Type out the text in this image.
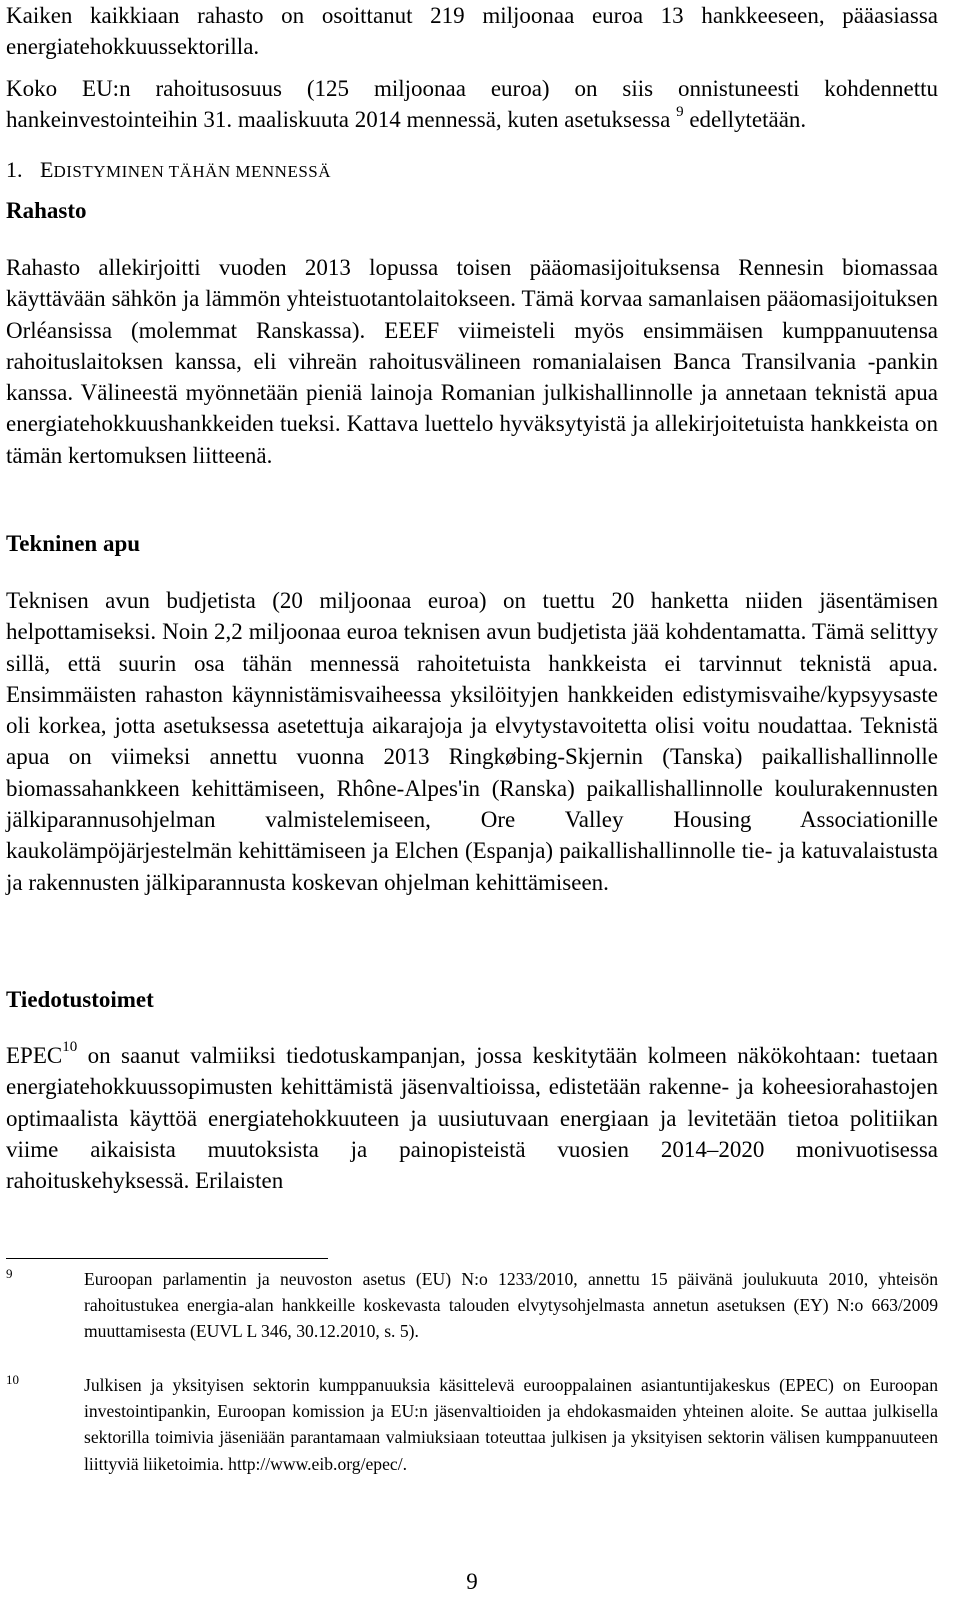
Kaiken kaikkiaan rahasto on osoittanut 219 miljoonaa euroa 13 hankkeeseen, pääasiassa energiatehokkuussektorilla.

Koko EU:n rahoitusosuus (125 miljoonaa euroa) on siis onnistuneesti kohdennettu hankeinvestointeihin 31. maaliskuuta 2014 mennessä, kuten asetuksessa $^9$ edellytetään.

1. EDISTYMINEN TÄHÄN MENNESSÄ
Rahasto

Rahasto allekirjoitti vuoden 2013 lopussa toisen pääomasijoituksensa Rennesin biomassaa käyttävään sähkön ja lämmön yhteistuotantolaitokseen. Tämä korvaa samanlaisen pääomasijoituksen Orléansissa (molemmat Ranskassa). EEEF viimeisteli myös ensimmäisen kumppanuutensa rahoituslaitoksen kanssa, eli vihreän rahoitusvälineen romanialaisen Banca Transilvania -pankin kanssa. Välineestä myönnetään pieniä lainoja Romanian julkishallinnolle ja annetaan teknistä apua energiatehokkuushankkeiden tueksi. Kattava luettelo hyväksytyistä ja allekirjoitetuista hankkeista on tämän kertomuksen liitteenä.

Tekninen apu

Teknisen avun budjetista (20 miljoonaa euroa) on tuettu 20 hanketta niiden jäsentämisen helpottamiseksi. Noin 2,2 miljoonaa euroa teknisen avun budjetista jää kohdentamatta. Tämä selittyy sillä, että suurin osa tähän mennessä rahoitetuista hankkeista ei tarvinnut teknistä apua. Ensimmäisten rahaston käynnistämisvaiheessa yksilöityjen hankkeiden edistymisvaihe/kypsyysaste oli korkea, jotta asetuksessa asetettuja aikarajoja ja elvytystavoitetta olisi voitu noudattaa. Teknistä apua on viimeksi annettu vuonna 2013 Ringkøbing-Skjernin (Tanska) paikallishallinnolle biomassahankkeen kehittämiseen, Rhône-Alpes'in (Ranska) paikallishallinnolle koulurakennusten jälkiparannusohjelman valmistelemiseen, Ore Valley Housing Associationille kaukolämpöjärjestelmän kehittämiseen ja Elchen (Espanja) paikallishallinnolle tie- ja katuvalaistusta ja rakennusten jälkiparannusta koskevan ohjelman kehittämiseen.

Tiedotustoimet

EPEC$^{10}$ on saanut valmiiksi tiedotuskampanjan, jossa keskitytään kolmeen näkökohtaan: tuetaan energiatehokkuussopimusten kehittämistä jäsenvaltioissa, edistetään rakenne- ja koheesiorahastojen optimaalista käyttöä energiatehokkuuteen ja uusiutuvaan energiaan ja levitetään tietoa politiikan viime aikaisista muutoksista ja painopisteistä vuosien 2014–2020 monivuotisessa rahoituskehyksessä. Erilaisten

9	Euroopan parlamentin ja neuvoston asetus (EU) N:o 1233/2010, annettu 15 päivänä joulukuuta 2010, yhteisön rahoitustukea energia-alan hankkeille koskevasta talouden elvytysohjelmasta annetun asetuksen (EY) N:o 663/2009 muuttamisesta (EUVL L 346, 30.12.2010, s. 5).

10	Julkisen ja yksityisen sektorin kumppanuuksia käsittelevä eurooppalainen asiantuntijakeskus (EPEC) on Euroopan investointipankin, Euroopan komission ja EU:n jäsenvaltioiden ja ehdokasmaiden yhteinen aloite. Se auttaa julkisella sektorilla toimivia jäseniään parantamaan valmiuksiaan toteuttaa julkisen ja yksityisen sektorin välisen kumppanuuteen liittyviä liiketoimia. http://www.eib.org/epec/.

9
